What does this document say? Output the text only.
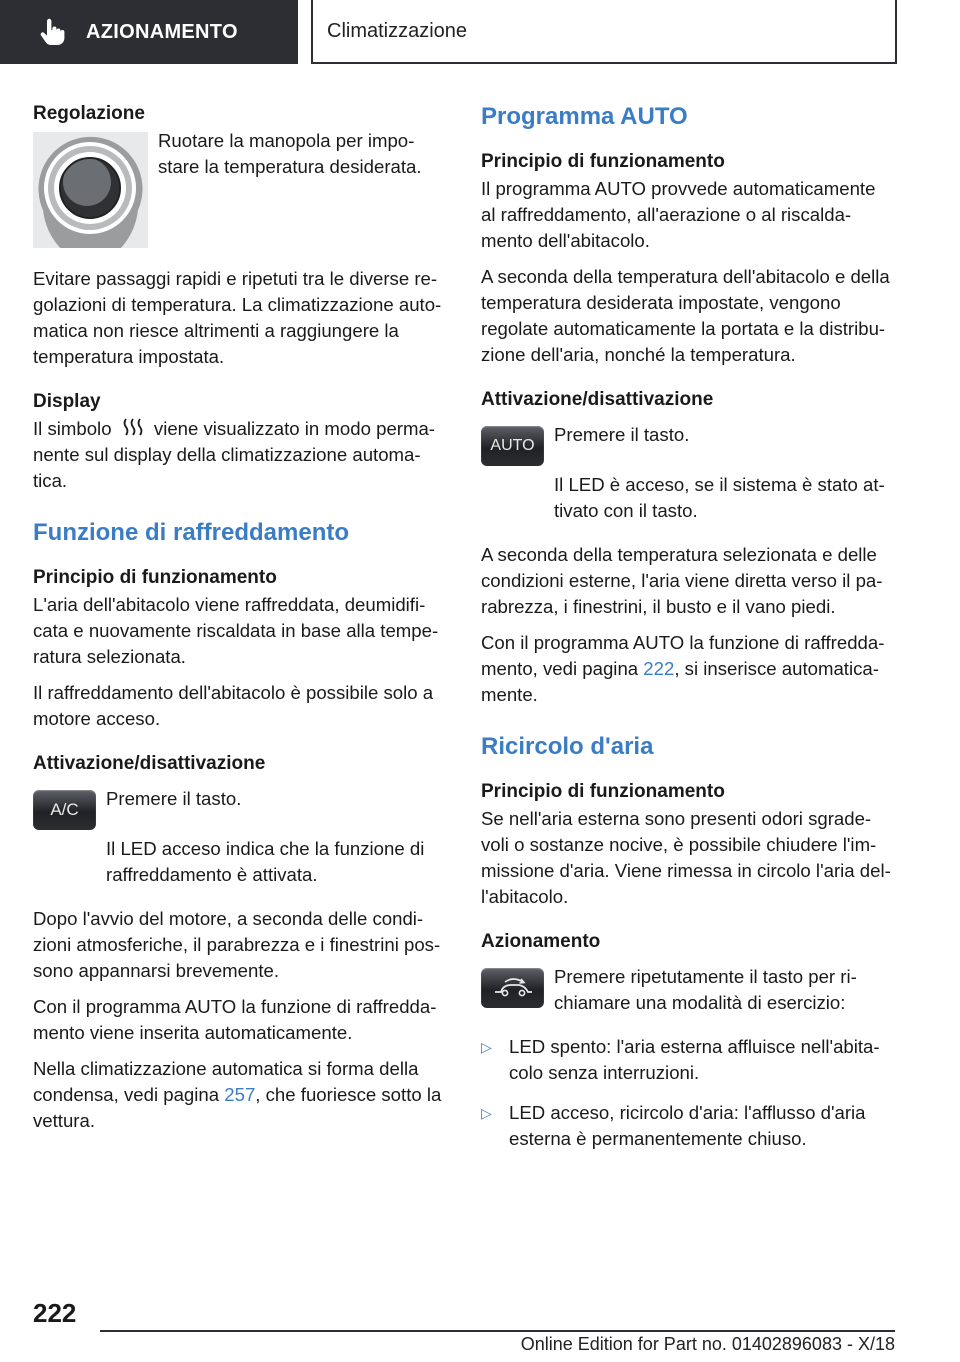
AZIONAMENTO	Climatizzazione
Regolazione

Ruotare la manopola per impo-stare la temperatura desiderata.

Evitare passaggi rapidi e ripetuti tra le diverse re-golazioni di temperatura. La climatizzazione auto-matica non riesce altrimenti a raggiungere la temperatura impostata.

Display

Il simbolo viene visualizzato in modo perma-nente sul display della climatizzazione automa-tica.

Funzione di raffreddamento
Principio di funzionamento

L'aria dell'abitacolo viene raffreddata, deumidifi-cata e nuovamente riscaldata in base alla tempe-ratura selezionata.

Il raffreddamento dell'abitacolo è possibile solo a motore acceso.

Attivazione/disattivazione
A/C

Premere il tasto.

Il LED acceso indica che la funzione di raffreddamento è attivata.

Dopo l'avvio del motore, a seconda delle condi-zioni atmosferiche, il parabrezza e i finestrini pos-sono appannarsi brevemente.

Con il programma AUTO la funzione di raffredda-mento viene inserita automaticamente.

Nella climatizzazione automatica si forma della condensa, vedi pagina 257, che fuoriesce sotto la vettura.

Programma AUTO
Principio di funzionamento

Il programma AUTO provvede automaticamente al raffreddamento, all'aerazione o al riscalda-mento dell'abitacolo.

A seconda della temperatura dell'abitacolo e della temperatura desiderata impostate, vengono regolate automaticamente la portata e la distribu-zione dell'aria, nonché la temperatura.

Attivazione/disattivazione
AUTO

Premere il tasto.

Il LED è acceso, se il sistema è stato at-tivato con il tasto.

A seconda della temperatura selezionata e delle condizioni esterne, l'aria viene diretta verso il pa-rabrezza, i finestrini, il busto e il vano piedi.

Con il programma AUTO la funzione di raffredda-mento, vedi pagina 222, si inserisce automatica-mente.

Ricircolo d'aria
Principio di funzionamento

Se nell'aria esterna sono presenti odori sgrade-voli o sostanze nocive, è possibile chiudere l'im-missione d'aria. Viene rimessa in circolo l'aria del-l'abitacolo.

Azionamento

Premere ripetutamente il tasto per ri-chiamare una modalità di esercizio:

▷ LED spento: l'aria esterna affluisce nell'abita-colo senza interruzioni.
▷ LED acceso, ricircolo d'aria: l'afflusso d'aria esterna è permanentemente chiuso.
222
Online Edition for Part no. 01402896083 - X/18
